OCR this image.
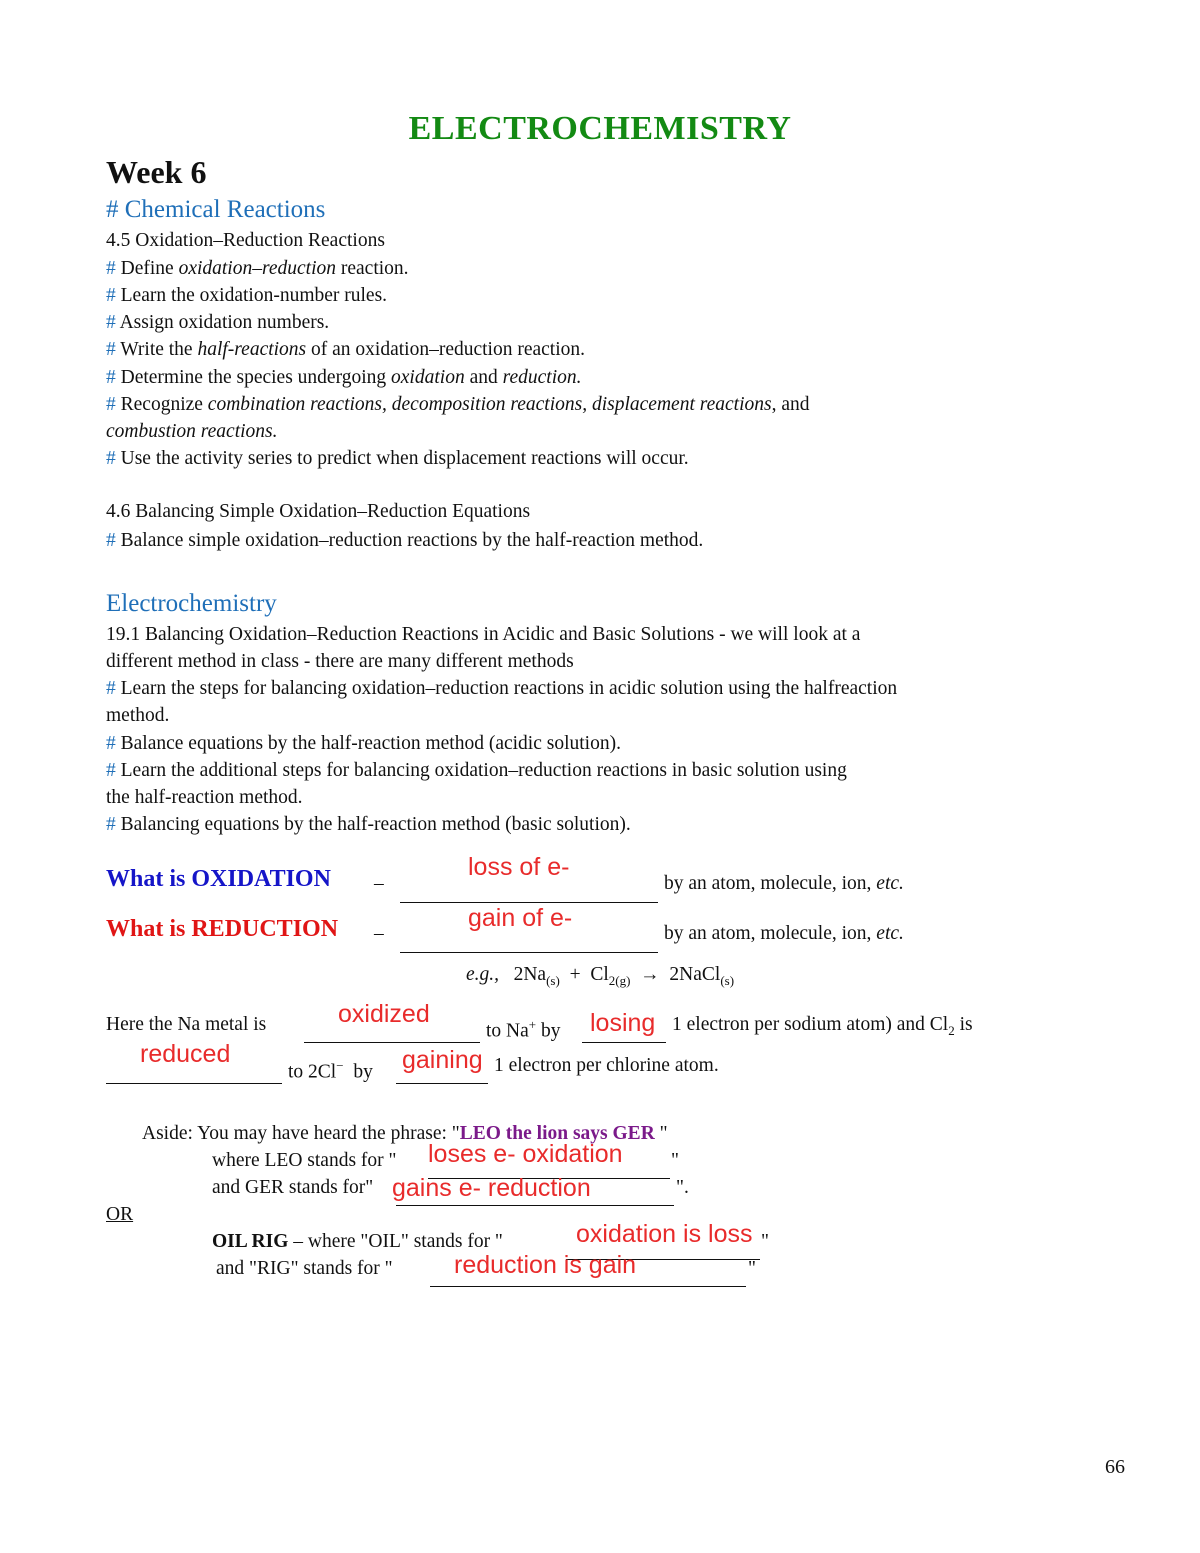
ELECTROCHEMISTRY
Week 6
# Chemical Reactions
4.5 Oxidation–Reduction Reactions
# Define oxidation–reduction reaction.
# Learn the oxidation-number rules.
# Assign oxidation numbers.
# Write the half-reactions of an oxidation–reduction reaction.
# Determine the species undergoing oxidation and reduction.
# Recognize combination reactions, decomposition reactions, displacement reactions, and
combustion reactions.
# Use the activity series to predict when displacement reactions will occur.
4.6 Balancing Simple Oxidation–Reduction Equations
# Balance simple oxidation–reduction reactions by the half-reaction method.
Electrochemistry
19.1 Balancing Oxidation–Reduction Reactions in Acidic and Basic Solutions - we will look at a
different method in class - there are many different methods
# Learn the steps for balancing oxidation–reduction reactions in acidic solution using the halfreaction
method.
# Balance equations by the half-reaction method (acidic solution).
# Learn the additional steps for balancing oxidation–reduction reactions in basic solution using
the half-reaction method.
# Balancing equations by the half-reaction method (basic solution).
What is OXIDATION –
loss of e-
by an atom, molecule, ion, etc.
What is REDUCTION –
gain of e-
by an atom, molecule, ion, etc.
e.g., $2Na_{(s)} + Cl_{2(g)}$ → 2NaCl$_{(s)}$
Here the Na metal is	oxidized
to Na+ by losing 1 electron per sodium atom) and $Cl_2$ is
reduced
to 2Cl− by gaining 1 electron per chlorine atom.
Aside: You may have heard the phrase: "LEO the lion says GER "
where LEO stands for " loses e- oxidation "
and GER stands for" gains e- reduction	".
OR
OIL RIG – where "OIL" stands for "	oxidation is loss "
and "RIG" stands for " reduction is gain	"
66
